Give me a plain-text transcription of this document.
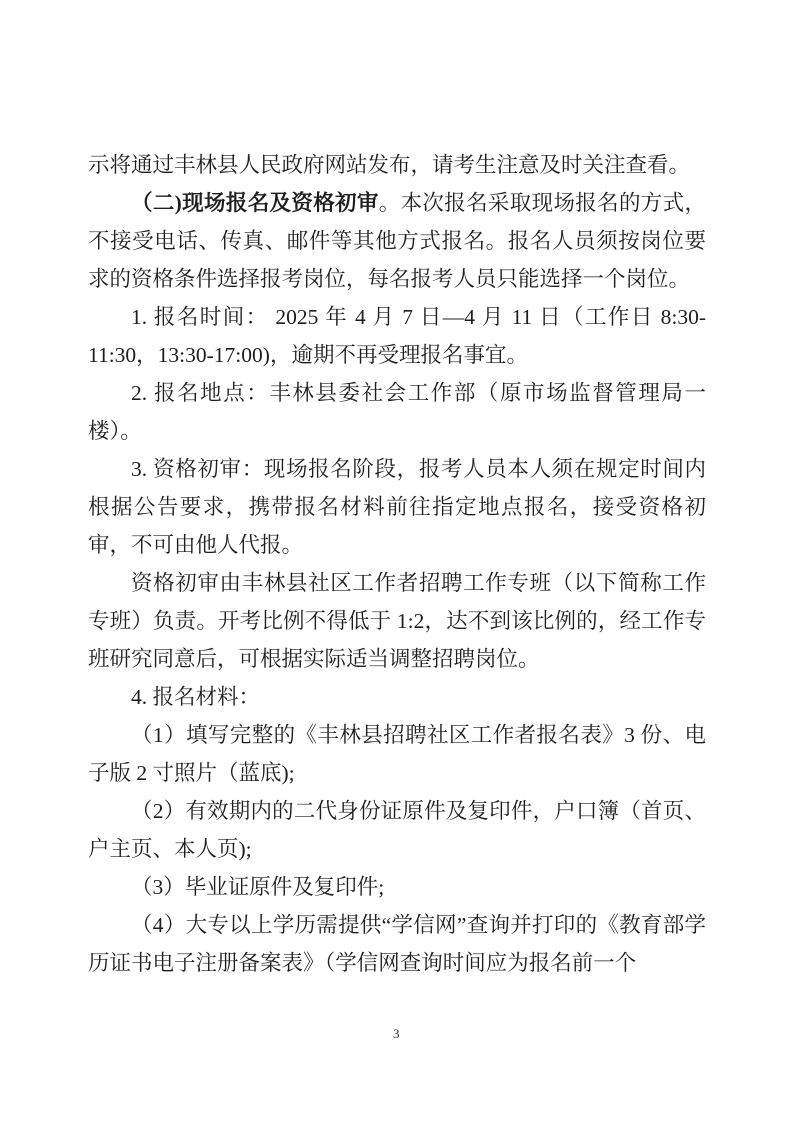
示将通过丰林县人民政府网站发布，请考生注意及时关注查看。

（二)现场报名及资格初审。本次报名采取现场报名的方式，不接受电话、传真、邮件等其他方式报名。报名人员须按岗位要求的资格条件选择报考岗位，每名报考人员只能选择一个岗位。

1. 报名时间： 2025 年 4 月 7 日—4 月 11 日（工作日 8:30-11:30，13:30-17:00)，逾期不再受理报名事宜。

2. 报名地点：丰林县委社会工作部（原市场监督管理局一楼）。

3. 资格初审：现场报名阶段，报考人员本人须在规定时间内根据公告要求，携带报名材料前往指定地点报名，接受资格初审，不可由他人代报。

资格初审由丰林县社区工作者招聘工作专班（以下简称工作专班）负责。开考比例不得低于 1:2，达不到该比例的，经工作专班研究同意后，可根据实际适当调整招聘岗位。

4. 报名材料：

（1）填写完整的《丰林县招聘社区工作者报名表》3 份、电子版 2 寸照片（蓝底);

（2）有效期内的二代身份证原件及复印件，户口簿（首页、户主页、本人页);

（3）毕业证原件及复印件;

（4）大专以上学历需提供“学信网”查询并打印的《教育部学历证书电子注册备案表》（学信网查询时间应为报名前一个

3
